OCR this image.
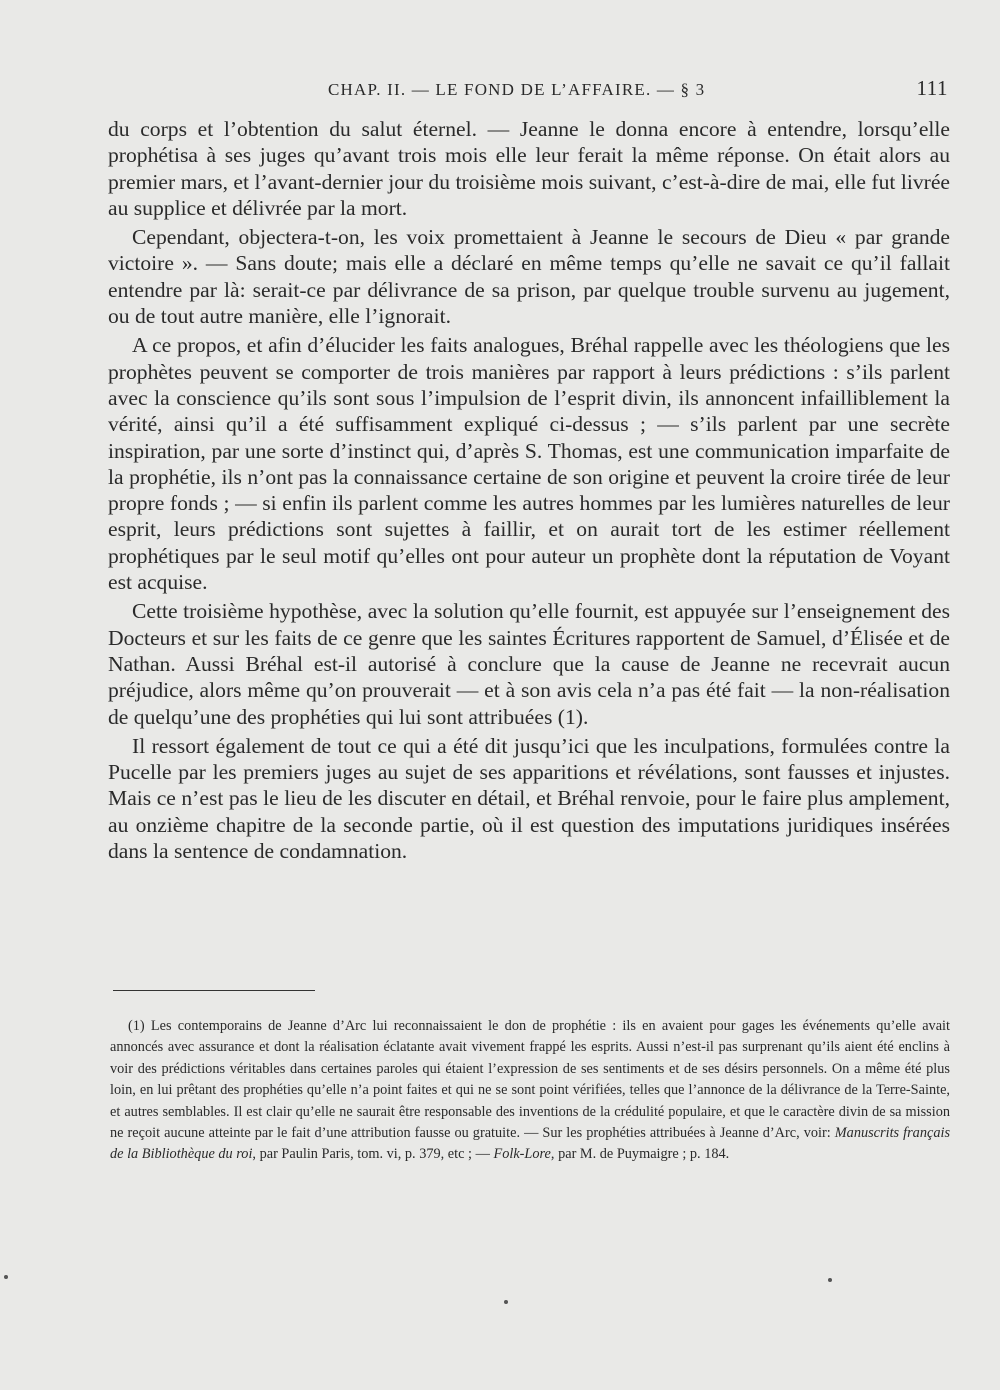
CHAP. II. — LE FOND DE L’AFFAIRE. — § 3	111

du corps et l’obtention du salut éternel. — Jeanne le donna encore à entendre, lorsqu’elle prophétisa à ses juges qu’avant trois mois elle leur ferait la même réponse. On était alors au premier mars, et l’avant-dernier jour du troisième mois suivant, c’est-à-dire de mai, elle fut livrée au supplice et délivrée par la mort.

Cependant, objectera-t-on, les voix promettaient à Jeanne le secours de Dieu « par grande victoire ». — Sans doute; mais elle a déclaré en même temps qu’elle ne savait ce qu’il fallait entendre par là: serait-ce par délivrance de sa prison, par quelque trouble survenu au jugement, ou de tout autre manière, elle l’ignorait.

A ce propos, et afin d’élucider les faits analogues, Bréhal rappelle avec les théologiens que les prophètes peuvent se comporter de trois manières par rapport à leurs prédictions : s’ils parlent avec la conscience qu’ils sont sous l’impulsion de l’esprit divin, ils annoncent infailliblement la vérité, ainsi qu’il a été suffisamment expliqué ci-dessus ; — s’ils parlent par une secrète inspiration, par une sorte d’instinct qui, d’après S. Thomas, est une communication imparfaite de la prophétie, ils n’ont pas la connaissance certaine de son origine et peuvent la croire tirée de leur propre fonds ; — si enfin ils parlent comme les autres hommes par les lumières naturelles de leur esprit, leurs prédictions sont sujettes à faillir, et on aurait tort de les estimer réellement prophétiques par le seul motif qu’elles ont pour auteur un prophète dont la réputation de Voyant est acquise.

Cette troisième hypothèse, avec la solution qu’elle fournit, est appuyée sur l’enseignement des Docteurs et sur les faits de ce genre que les saintes Écritures rapportent de Samuel, d’Élisée et de Nathan. Aussi Bréhal est-il autorisé à conclure que la cause de Jeanne ne recevrait aucun préjudice, alors même qu’on prouverait — et à son avis cela n’a pas été fait — la non-réalisation de quelqu’une des prophéties qui lui sont attribuées (1).

Il ressort également de tout ce qui a été dit jusqu’ici que les inculpations, formulées contre la Pucelle par les premiers juges au sujet de ses apparitions et révélations, sont fausses et injustes. Mais ce n’est pas le lieu de les discuter en détail, et Bréhal renvoie, pour le faire plus amplement, au onzième chapitre de la seconde partie, où il est question des imputations juridiques insérées dans la sentence de condamnation.

(1) Les contemporains de Jeanne d’Arc lui reconnaissaient le don de prophétie : ils en avaient pour gages les événements qu’elle avait annoncés avec assurance et dont la réalisation éclatante avait vivement frappé les esprits. Aussi n’est-il pas surprenant qu’ils aient été enclins à voir des prédictions véritables dans certaines paroles qui étaient l’expression de ses sentiments et de ses désirs personnels. On a même été plus loin, en lui prêtant des prophéties qu’elle n’a point faites et qui ne se sont point vérifiées, telles que l’annonce de la délivrance de la Terre-Sainte, et autres semblables. Il est clair qu’elle ne saurait être responsable des inventions de la crédulité populaire, et que le caractère divin de sa mission ne reçoit aucune atteinte par le fait d’une attribution fausse ou gratuite. — Sur les prophéties attribuées à Jeanne d’Arc, voir: Manuscrits français de la Bibliothèque du roi, par Paulin Paris, tom. vi, p. 379, etc ; — Folk-Lore, par M. de Puymaigre ; p. 184.
